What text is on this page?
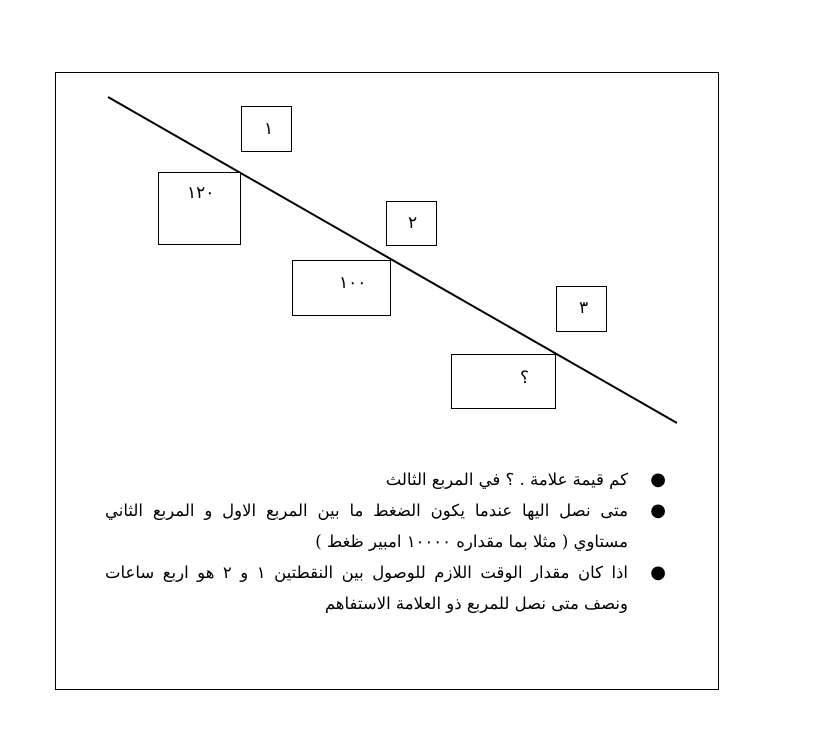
١
١٢٠
٢
١٠٠
٣
؟
●
كم قيمة علامة . ؟ في المربع الثالث
●
متى نصل اليها عندما يكون الضغط ما بين المربع الاول و المربع الثاني مستاوي ( مثلا بما مقداره ١٠٠٠٠ امبير ظغط )
●
اذا كان مقدار الوقت اللازم للوصول بين النقطتين ١ و ٢ هو اربع ساعات ونصف متى نصل للمربع ذو العلامة الاستفاهم
